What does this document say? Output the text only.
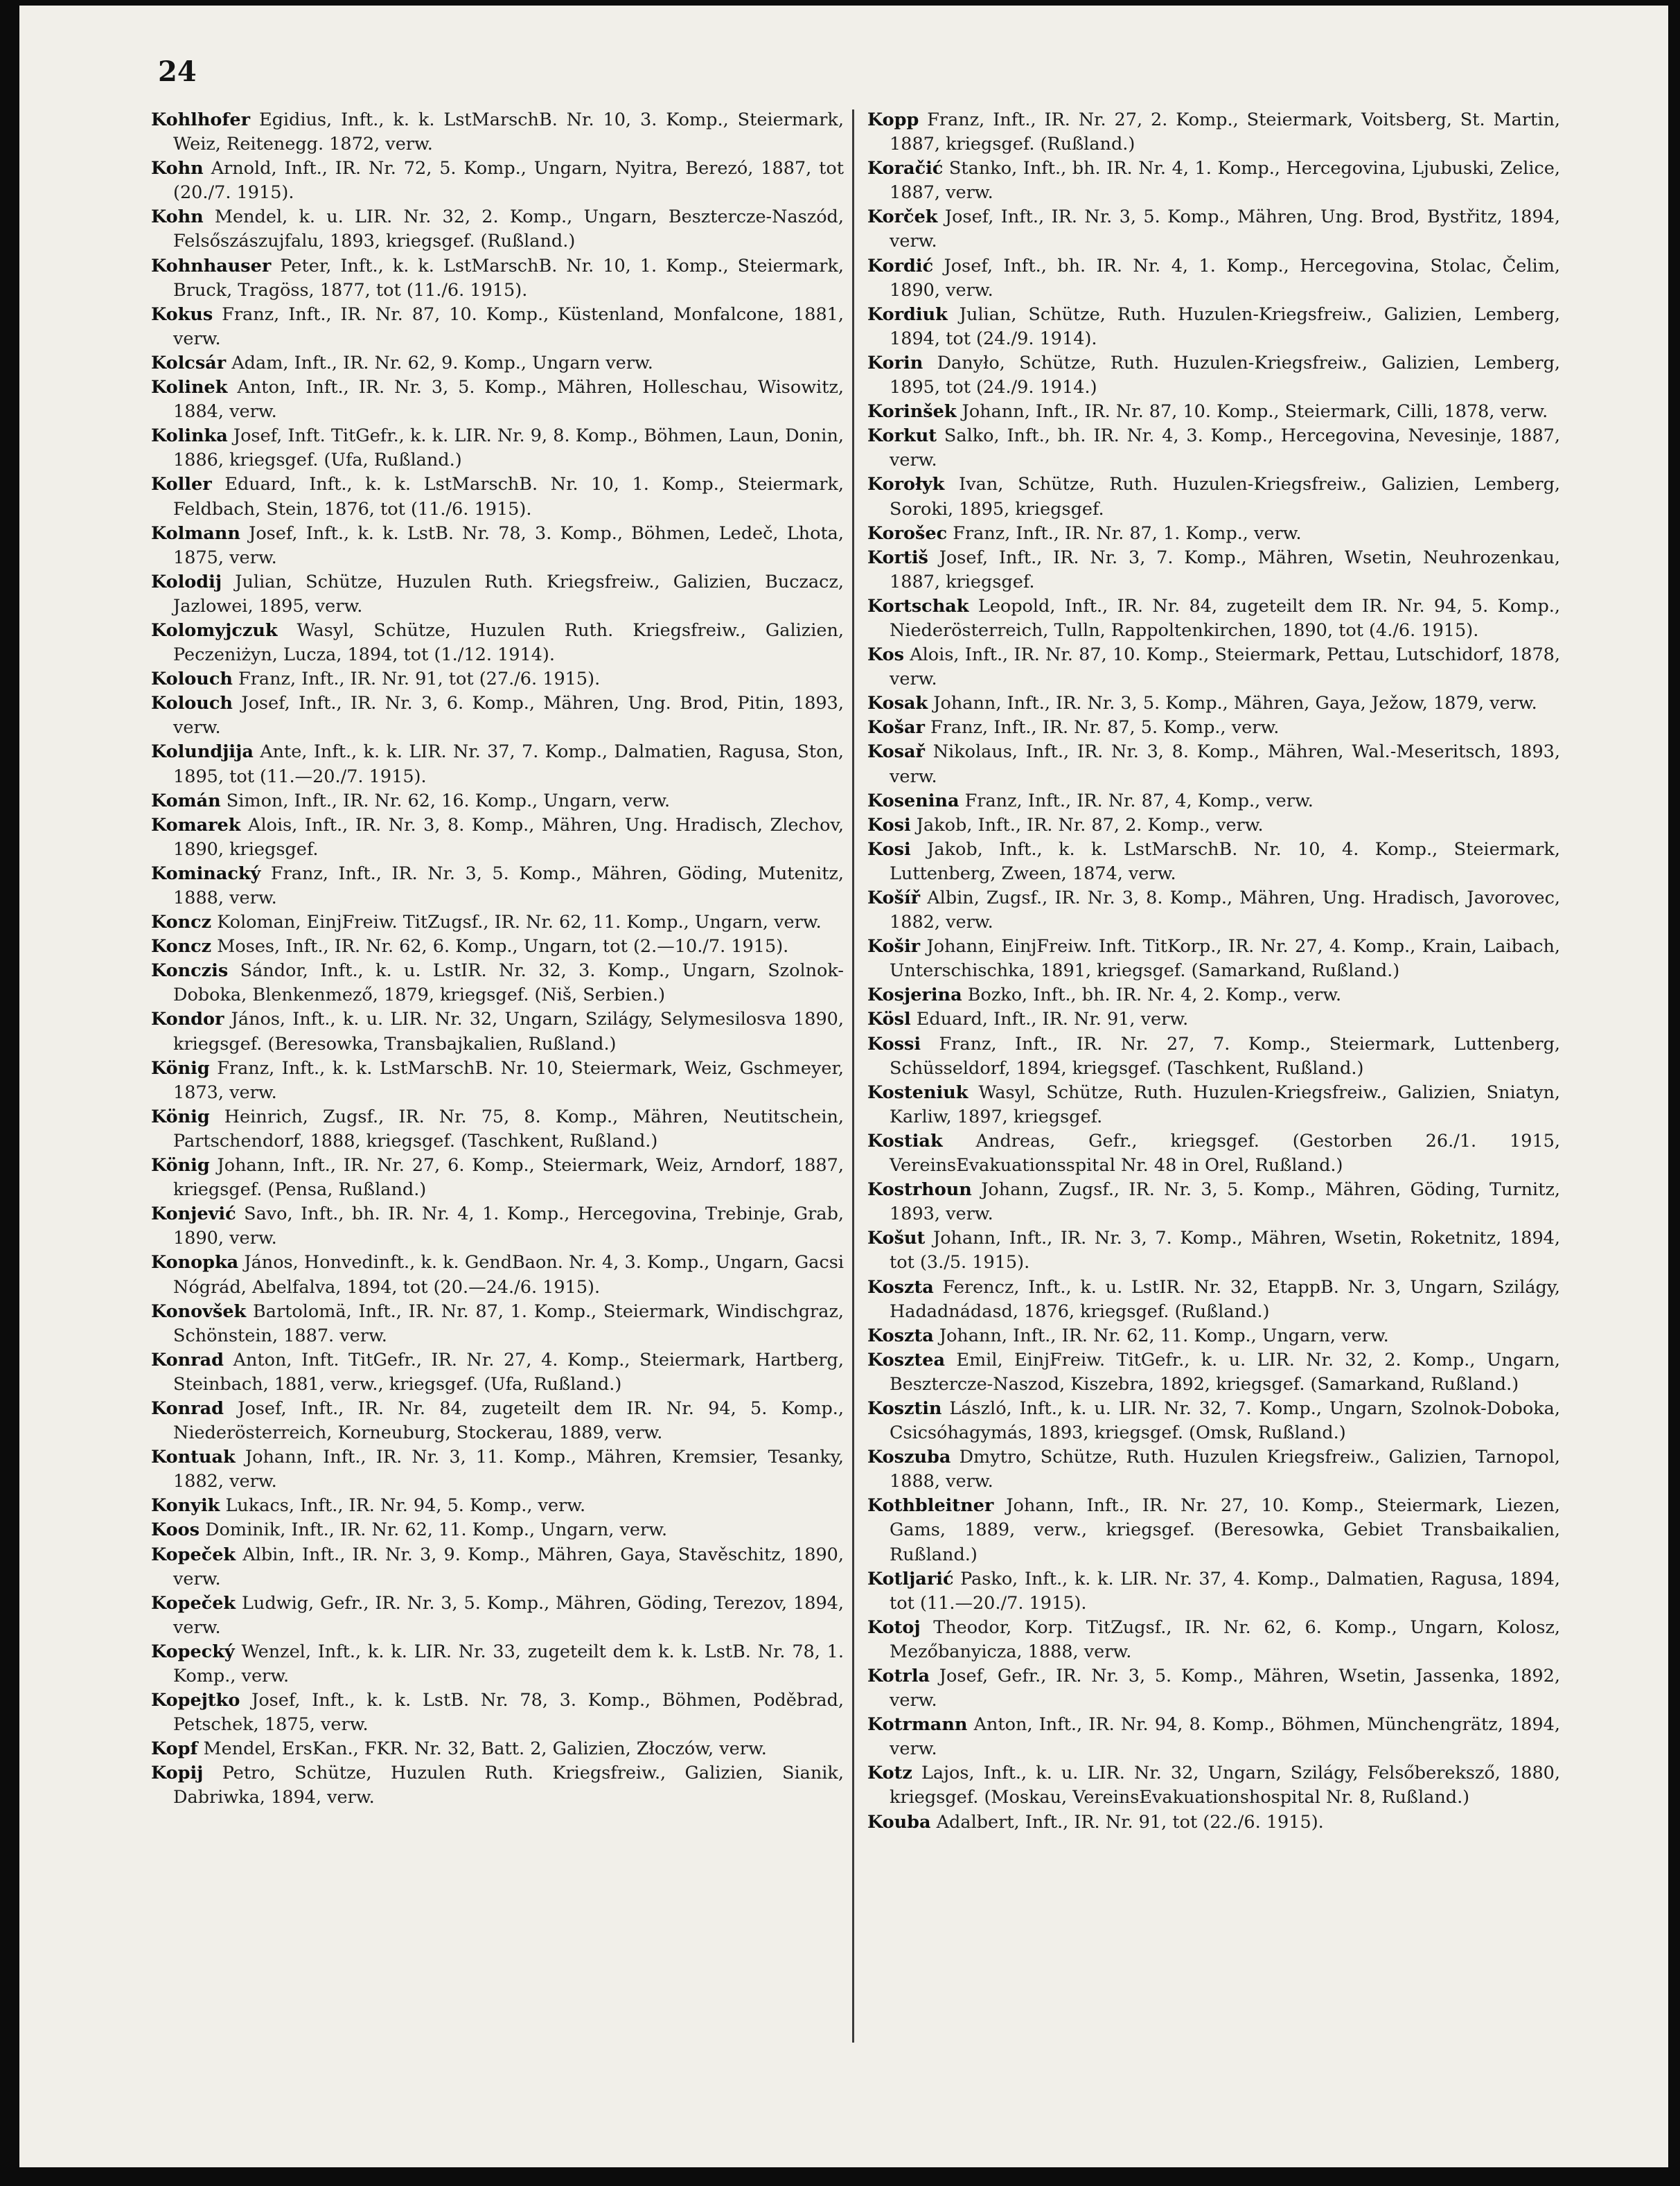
24

Kohlhofer Egidius, Inft., k. k. LstMarschB. Nr. 10, 3. Komp., Steiermark, Weiz, Reitenegg. 1872, verw.

Kohn Arnold, Inft., IR. Nr. 72, 5. Komp., Ungarn, Nyitra, Berezó, 1887, tot (20./7. 1915).

Kohn Mendel, k. u. LIR. Nr. 32, 2. Komp., Ungarn, Besztercze-Naszód, Felsőszászujfalu, 1893, kriegsgef. (Rußland.)

Kohnhauser Peter, Inft., k. k. LstMarschB. Nr. 10, 1. Komp., Steiermark, Bruck, Tragöss, 1877, tot (11./6. 1915).

Kokus Franz, Inft., IR. Nr. 87, 10. Komp., Küstenland, Monfalcone, 1881, verw.

Kolcsár Adam, Inft., IR. Nr. 62, 9. Komp., Ungarn verw.

Kolinek Anton, Inft., IR. Nr. 3, 5. Komp., Mähren, Holleschau, Wisowitz, 1884, verw.

Kolinka Josef, Inft. TitGefr., k. k. LIR. Nr. 9, 8. Komp., Böhmen, Laun, Donin, 1886, kriegsgef. (Ufa, Rußland.)

Koller Eduard, Inft., k. k. LstMarschB. Nr. 10, 1. Komp., Steiermark, Feldbach, Stein, 1876, tot (11./6. 1915).

Kolmann Josef, Inft., k. k. LstB. Nr. 78, 3. Komp., Böhmen, Ledeč, Lhota, 1875, verw.

Kolodij Julian, Schütze, Huzulen Ruth. Kriegsfreiw., Galizien, Buczacz, Jazlowei, 1895, verw.

Kolomyjczuk Wasyl, Schütze, Huzulen Ruth. Kriegsfreiw., Galizien, Peczeniżyn, Lucza, 1894, tot (1./12. 1914).

Kolouch Franz, Inft., IR. Nr. 91, tot (27./6. 1915).

Kolouch Josef, Inft., IR. Nr. 3, 6. Komp., Mähren, Ung. Brod, Pitin, 1893, verw.

Kolundjija Ante, Inft., k. k. LIR. Nr. 37, 7. Komp., Dalmatien, Ragusa, Ston, 1895, tot (11.—20./7. 1915).

Komán Simon, Inft., IR. Nr. 62, 16. Komp., Ungarn, verw.

Komarek Alois, Inft., IR. Nr. 3, 8. Komp., Mähren, Ung. Hradisch, Zlechov, 1890, kriegsgef.

Kominacký Franz, Inft., IR. Nr. 3, 5. Komp., Mähren, Göding, Mutenitz, 1888, verw.

Koncz Koloman, EinjFreiw. TitZugsf., IR. Nr. 62, 11. Komp., Ungarn, verw.

Koncz Moses, Inft., IR. Nr. 62, 6. Komp., Ungarn, tot (2.—10./7. 1915).

Konczis Sándor, Inft., k. u. LstIR. Nr. 32, 3. Komp., Ungarn, Szolnok-Doboka, Blenkenmező, 1879, kriegsgef. (Niš, Serbien.)

Kondor János, Inft., k. u. LIR. Nr. 32, Ungarn, Szilágy, Selymesilosva 1890, kriegsgef. (Beresowka, Transbajkalien, Rußland.)

König Franz, Inft., k. k. LstMarschB. Nr. 10, Steiermark, Weiz, Gschmeyer, 1873, verw.

König Heinrich, Zugsf., IR. Nr. 75, 8. Komp., Mähren, Neutitschein, Partschendorf, 1888, kriegsgef. (Taschkent, Rußland.)

König Johann, Inft., IR. Nr. 27, 6. Komp., Steiermark, Weiz, Arndorf, 1887, kriegsgef. (Pensa, Rußland.)

Konjević Savo, Inft., bh. IR. Nr. 4, 1. Komp., Hercegovina, Trebinje, Grab, 1890, verw.

Konopka János, Honvedinft., k. k. GendBaon. Nr. 4, 3. Komp., Ungarn, Gacsi Nógrád, Abelfalva, 1894, tot (20.—24./6. 1915).

Konovšek Bartolomä, Inft., IR. Nr. 87, 1. Komp., Steiermark, Windischgraz, Schönstein, 1887. verw.

Konrad Anton, Inft. TitGefr., IR. Nr. 27, 4. Komp., Steiermark, Hartberg, Steinbach, 1881, verw., kriegsgef. (Ufa, Rußland.)

Konrad Josef, Inft., IR. Nr. 84, zugeteilt dem IR. Nr. 94, 5. Komp., Niederösterreich, Korneuburg, Stockerau, 1889, verw.

Kontuak Johann, Inft., IR. Nr. 3, 11. Komp., Mähren, Kremsier, Tesanky, 1882, verw.

Konyik Lukacs, Inft., IR. Nr. 94, 5. Komp., verw.

Koos Dominik, Inft., IR. Nr. 62, 11. Komp., Ungarn, verw.

Kopeček Albin, Inft., IR. Nr. 3, 9. Komp., Mähren, Gaya, Stavěschitz, 1890, verw.

Kopeček Ludwig, Gefr., IR. Nr. 3, 5. Komp., Mähren, Göding, Terezov, 1894, verw.

Kopecký Wenzel, Inft., k. k. LIR. Nr. 33, zugeteilt dem k. k. LstB. Nr. 78, 1. Komp., verw.

Kopejtko Josef, Inft., k. k. LstB. Nr. 78, 3. Komp., Böhmen, Poděbrad, Petschek, 1875, verw.

Kopf Mendel, ErsKan., FKR. Nr. 32, Batt. 2, Galizien, Złoczów, verw.

Kopij Petro, Schütze, Huzulen Ruth. Kriegsfreiw., Galizien, Sianik, Dabriwka, 1894, verw.

Kopp Franz, Inft., IR. Nr. 27, 2. Komp., Steiermark, Voitsberg, St. Martin, 1887, kriegsgef. (Rußland.)

Koračić Stanko, Inft., bh. IR. Nr. 4, 1. Komp., Hercegovina, Ljubuski, Zelice, 1887, verw.

Korček Josef, Inft., IR. Nr. 3, 5. Komp., Mähren, Ung. Brod, Bystřitz, 1894, verw.

Kordić Josef, Inft., bh. IR. Nr. 4, 1. Komp., Hercegovina, Stolac, Čelim, 1890, verw.

Kordiuk Julian, Schütze, Ruth. Huzulen-Kriegsfreiw., Galizien, Lemberg, 1894, tot (24./9. 1914).

Korin Danyło, Schütze, Ruth. Huzulen-Kriegsfreiw., Galizien, Lemberg, 1895, tot (24./9. 1914.)

Korinšek Johann, Inft., IR. Nr. 87, 10. Komp., Steiermark, Cilli, 1878, verw.

Korkut Salko, Inft., bh. IR. Nr. 4, 3. Komp., Hercegovina, Nevesinje, 1887, verw.

Korołyk Ivan, Schütze, Ruth. Huzulen-Kriegsfreiw., Galizien, Lemberg, Soroki, 1895, kriegsgef.

Korošec Franz, Inft., IR. Nr. 87, 1. Komp., verw.

Kortiš Josef, Inft., IR. Nr. 3, 7. Komp., Mähren, Wsetin, Neuhrozenkau, 1887, kriegsgef.

Kortschak Leopold, Inft., IR. Nr. 84, zugeteilt dem IR. Nr. 94, 5. Komp., Niederösterreich, Tulln, Rappoltenkirchen, 1890, tot (4./6. 1915).

Kos Alois, Inft., IR. Nr. 87, 10. Komp., Steiermark, Pettau, Lutschidorf, 1878, verw.

Kosak Johann, Inft., IR. Nr. 3, 5. Komp., Mähren, Gaya, Ježow, 1879, verw.

Košar Franz, Inft., IR. Nr. 87, 5. Komp., verw.

Kosař Nikolaus, Inft., IR. Nr. 3, 8. Komp., Mähren, Wal.-Meseritsch, 1893, verw.

Kosenina Franz, Inft., IR. Nr. 87, 4, Komp., verw.

Kosi Jakob, Inft., IR. Nr. 87, 2. Komp., verw.

Kosi Jakob, Inft., k. k. LstMarschB. Nr. 10, 4. Komp., Steiermark, Luttenberg, Zween, 1874, verw.

Košíř Albin, Zugsf., IR. Nr. 3, 8. Komp., Mähren, Ung. Hradisch, Javorovec, 1882, verw.

Košir Johann, EinjFreiw. Inft. TitKorp., IR. Nr. 27, 4. Komp., Krain, Laibach, Unterschischka, 1891, kriegsgef. (Samarkand, Rußland.)

Kosjerina Bozko, Inft., bh. IR. Nr. 4, 2. Komp., verw.

Kösl Eduard, Inft., IR. Nr. 91, verw.

Kossi Franz, Inft., IR. Nr. 27, 7. Komp., Steiermark, Luttenberg, Schüsseldorf, 1894, kriegsgef. (Taschkent, Rußland.)

Kosteniuk Wasyl, Schütze, Ruth. Huzulen-Kriegsfreiw., Galizien, Sniatyn, Karliw, 1897, kriegsgef.

Kostiak Andreas, Gefr., kriegsgef. (Gestorben 26./1. 1915, VereinsEvakuationsspital Nr. 48 in Orel, Rußland.)

Kostrhoun Johann, Zugsf., IR. Nr. 3, 5. Komp., Mähren, Göding, Turnitz, 1893, verw.

Košut Johann, Inft., IR. Nr. 3, 7. Komp., Mähren, Wsetin, Roketnitz, 1894, tot (3./5. 1915).

Koszta Ferencz, Inft., k. u. LstIR. Nr. 32, EtappB. Nr. 3, Ungarn, Szilágy, Hadadnádasd, 1876, kriegsgef. (Rußland.)

Koszta Johann, Inft., IR. Nr. 62, 11. Komp., Ungarn, verw.

Kosztea Emil, EinjFreiw. TitGefr., k. u. LIR. Nr. 32, 2. Komp., Ungarn, Besztercze-Naszod, Kiszebra, 1892, kriegsgef. (Samarkand, Rußland.)

Kosztin László, Inft., k. u. LIR. Nr. 32, 7. Komp., Ungarn, Szolnok-Doboka, Csicsóhagymás, 1893, kriegsgef. (Omsk, Rußland.)

Koszuba Dmytro, Schütze, Ruth. Huzulen Kriegsfreiw., Galizien, Tarnopol, 1888, verw.

Kothbleitner Johann, Inft., IR. Nr. 27, 10. Komp., Steiermark, Liezen, Gams, 1889, verw., kriegsgef. (Beresowka, Gebiet Transbaikalien, Rußland.)

Kotljarić Pasko, Inft., k. k. LIR. Nr. 37, 4. Komp., Dalmatien, Ragusa, 1894, tot (11.—20./7. 1915).

Kotoj Theodor, Korp. TitZugsf., IR. Nr. 62, 6. Komp., Ungarn, Kolosz, Mezőbanyicza, 1888, verw.

Kotrla Josef, Gefr., IR. Nr. 3, 5. Komp., Mähren, Wsetin, Jassenka, 1892, verw.

Kotrmann Anton, Inft., IR. Nr. 94, 8. Komp., Böhmen, Münchengrätz, 1894, verw.

Kotz Lajos, Inft., k. u. LIR. Nr. 32, Ungarn, Szilágy, Felsőbereksző, 1880, kriegsgef. (Moskau, VereinsEvakuationshospital Nr. 8, Rußland.)

Kouba Adalbert, Inft., IR. Nr. 91, tot (22./6. 1915).
